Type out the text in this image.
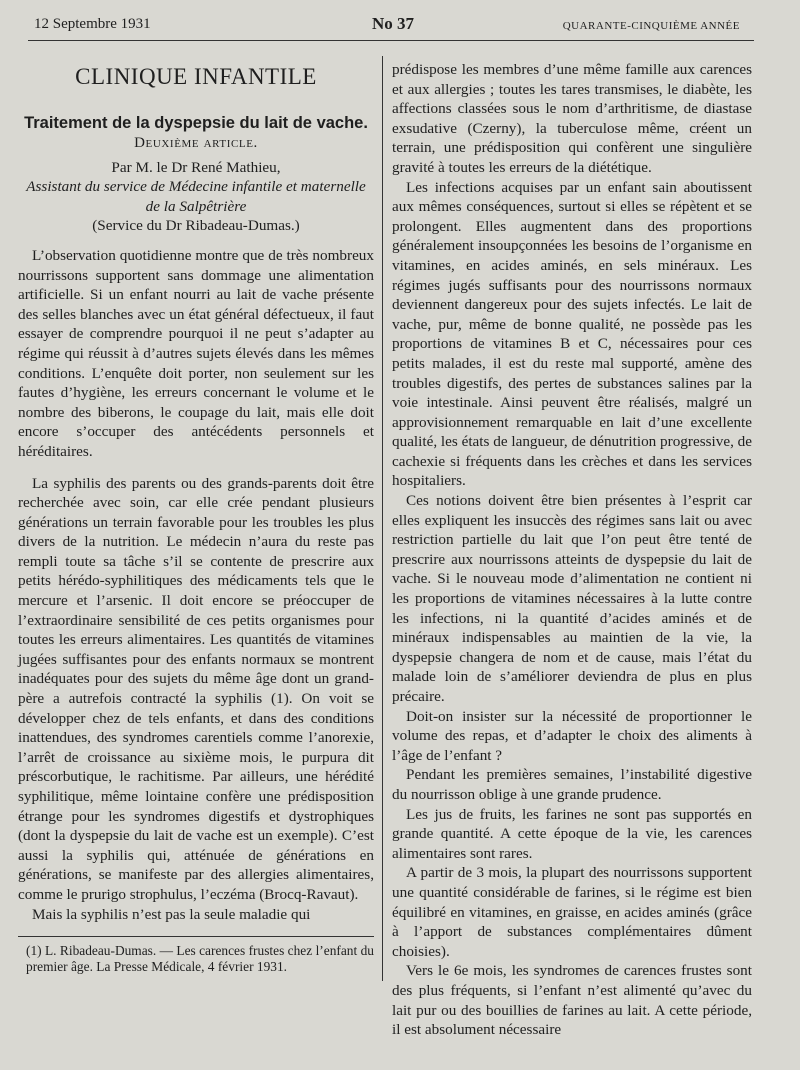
12 Septembre 1931	No 37	QUARANTE-CINQUIÈME ANNÉE
CLINIQUE INFANTILE
Traitement de la dyspepsie du lait de vache.
Deuxième article.
Par M. le Dr René Mathieu,
Assistant du service de Médecine infantile et maternelle de la Salpêtrière
(Service du Dr Ribadeau-Dumas.)

L’observation quotidienne montre que de très nombreux nourrissons supportent sans dommage une alimentation artificielle. Si un enfant nourri au lait de vache présente des selles blanches avec un état général défectueux, il faut essayer de comprendre pourquoi il ne peut s’adapter au régime qui réussit à d’autres sujets élevés dans les mêmes conditions. L’enquête doit porter, non seulement sur les fautes d’hygiène, les erreurs concernant le volume et le nombre des biberons, le coupage du lait, mais elle doit encore s’occuper des antécédents personnels et héréditaires.

La syphilis des parents ou des grands-parents doit être recherchée avec soin, car elle crée pendant plusieurs générations un terrain favorable pour les troubles les plus divers de la nutrition. Le médecin n’aura du reste pas rempli toute sa tâche s’il se contente de prescrire aux petits hérédo-syphilitiques des médicaments tels que le mercure et l’arsenic. Il doit encore se préoccuper de l’extraordinaire sensibilité de ces petits organismes pour toutes les erreurs alimentaires. Les quantités de vitamines jugées suffisantes pour des enfants normaux se montrent inadéquates pour des sujets du même âge dont un grand-père a autrefois contracté la syphilis (1). On voit se développer chez de tels enfants, et dans des conditions inattendues, des syndromes carentiels comme l’anorexie, l’arrêt de croissance au sixième mois, le purpura dit préscorbutique, le rachitisme. Par ailleurs, une hérédité syphilitique, même lointaine confère une prédisposition étrange pour les syndromes digestifs et dystrophiques (dont la dyspepsie du lait de vache est un exemple). C’est aussi la syphilis qui, atténuée de générations en générations, se manifeste par des allergies alimentaires, comme le prurigo strophulus, l’eczéma (Brocq-Ravaut).

Mais la syphilis n’est pas la seule maladie qui

(1) L. Ribadeau-Dumas. — Les carences frustes chez l’enfant du premier âge. La Presse Médicale, 4 février 1931.

prédispose les membres d’une même famille aux carences et aux allergies ; toutes les tares transmises, le diabète, les affections classées sous le nom d’arthritisme, de diastase exsudative (Czerny), la tuberculose même, créent un terrain, une prédisposition qui confèrent une singulière gravité à toutes les erreurs de la diététique.

Les infections acquises par un enfant sain aboutissent aux mêmes conséquences, surtout si elles se répètent et se prolongent. Elles augmentent dans des proportions généralement insoupçonnées les besoins de l’organisme en vitamines, en acides aminés, en sels minéraux. Les régimes jugés suffisants pour des nourrissons normaux deviennent dangereux pour des sujets infectés. Le lait de vache, pur, même de bonne qualité, ne possède pas les proportions de vitamines B et C, nécessaires pour ces petits malades, il est du reste mal supporté, amène des troubles digestifs, des pertes de substances salines par la voie intestinale. Ainsi peuvent être réalisés, malgré un approvisionnement remarquable en lait d’une excellente qualité, les états de langueur, de dénutrition progressive, de cachexie si fréquents dans les crèches et dans les services hospitaliers.

Ces notions doivent être bien présentes à l’esprit car elles expliquent les insuccès des régimes sans lait ou avec restriction partielle du lait que l’on peut être tenté de prescrire aux nourrissons atteints de dyspepsie du lait de vache. Si le nouveau mode d’alimentation ne contient ni les proportions de vitamines nécessaires à la lutte contre les infections, ni la quantité d’acides aminés et de minéraux indispensables au maintien de la vie, la dyspepsie changera de nom et de cause, mais l’état du malade loin de s’améliorer deviendra de plus en plus précaire.

Doit-on insister sur la nécessité de proportionner le volume des repas, et d’adapter le choix des aliments à l’âge de l’enfant ?

Pendant les premières semaines, l’instabilité digestive du nourrisson oblige à une grande prudence.

Les jus de fruits, les farines ne sont pas supportés en grande quantité. A cette époque de la vie, les carences alimentaires sont rares.

A partir de 3 mois, la plupart des nourrissons supportent une quantité considérable de farines, si le régime est bien équilibré en vitamines, en graisse, en acides aminés (grâce à l’apport de substances complémentaires dûment choisies).

Vers le 6e mois, les syndromes de carences frustes sont des plus fréquents, si l’enfant n’est alimenté qu’avec du lait pur ou des bouillies de farines au lait. A cette période, il est absolument nécessaire
